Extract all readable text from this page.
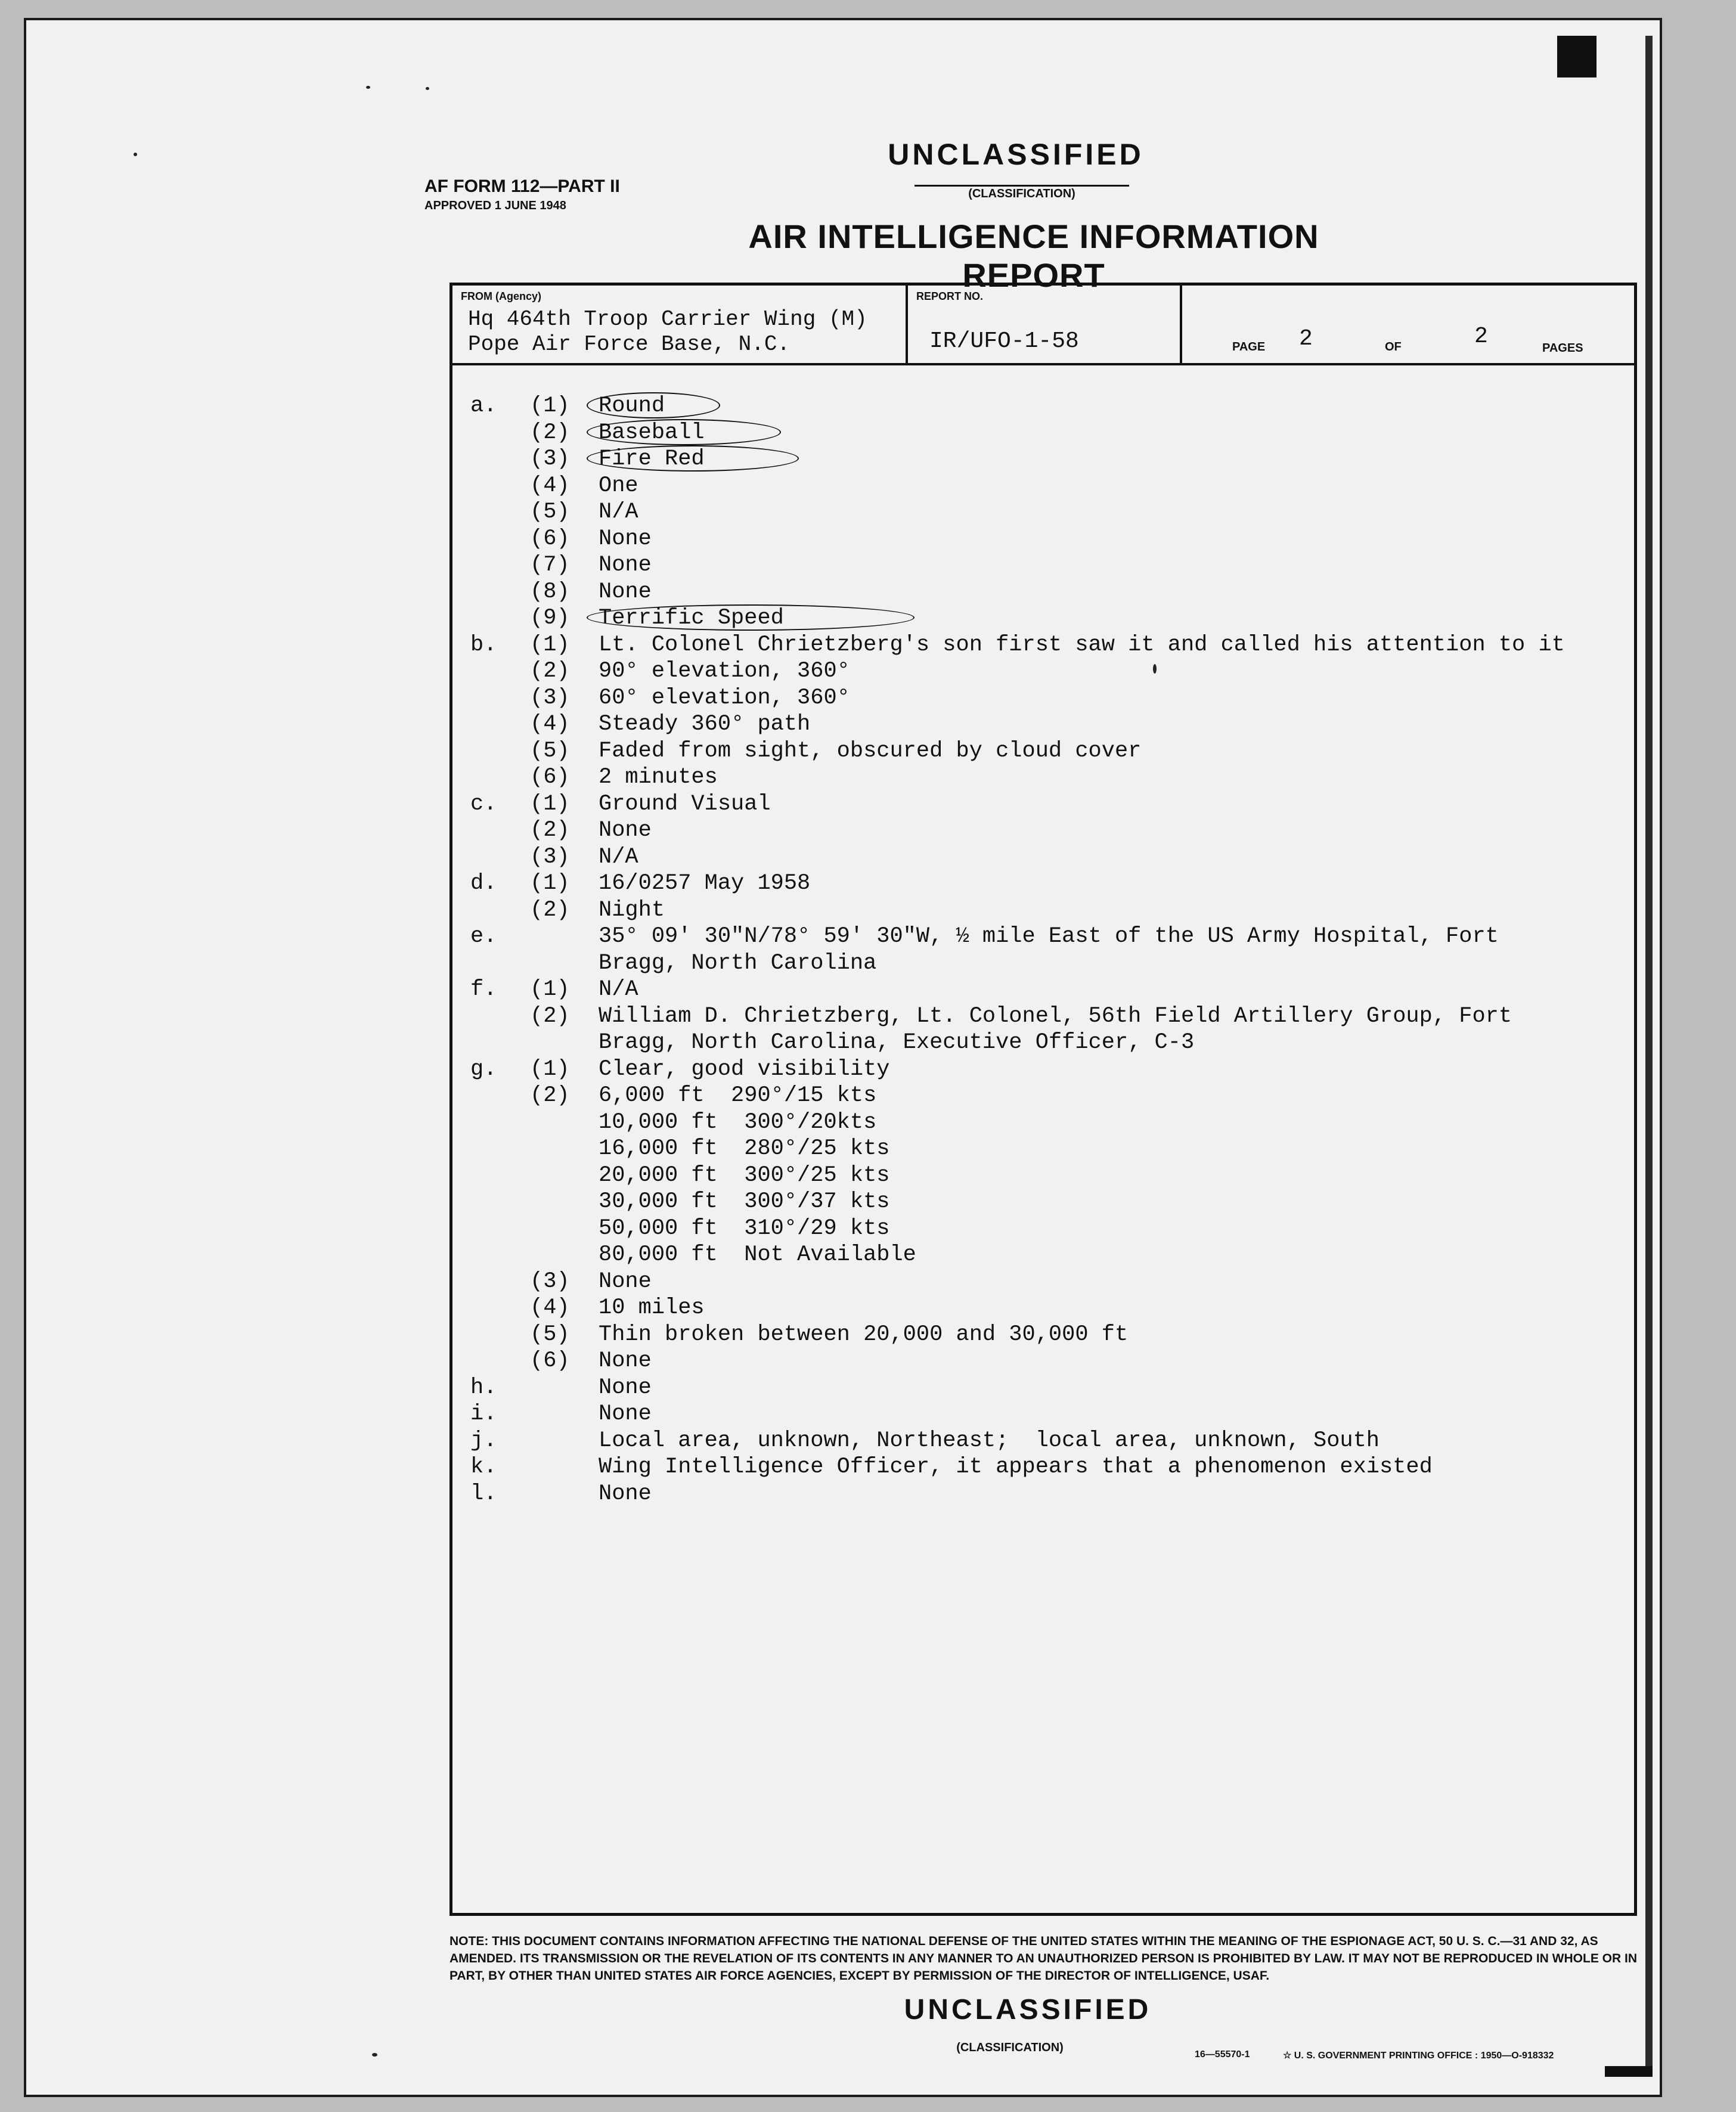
UNCLASSIFIED
(CLASSIFICATION)
AF FORM 112—PART II
APPROVED 1 JUNE 1948
AIR INTELLIGENCE INFORMATION REPORT
FROM (Agency)
Hq 464th Troop Carrier Wing (M)
Pope Air Force Base, N.C.
REPORT NO.
IR/UFO-1-58	PAGE 2	OF	2	PAGES
a. (1) Round
(2) Baseball
(3) Fire Red
(4) One
(5) N/A
(6) None
(7) None
(8) None
(9) Terrific Speed
b. (1) Lt. Colonel Chrietzberg's son first saw it and called his attention to it
(2) 90° elevation, 360°
(3) 60° elevation, 360°
(4) Steady 360° path
(5) Faded from sight, obscured by cloud cover
(6) 2 minutes
c. (1) Ground Visual
(2) None
(3) N/A
d. (1) 16/0257 May 1958
(2) Night
e.	35° 09' 30"N/78° 59' 30"W, ½ mile East of the US Army Hospital, Fort
Bragg, North Carolina
f. (1) N/A
(2) William D. Chrietzberg, Lt. Colonel, 56th Field Artillery Group, Fort
Bragg, North Carolina, Executive Officer, C-3
g. (1) Clear, good visibility
(2) 6,000 ft  290°/15 kts
10,000 ft  300°/20kts
16,000 ft  280°/25 kts
20,000 ft  300°/25 kts
30,000 ft  300°/37 kts
50,000 ft  310°/29 kts
80,000 ft  Not Available
(3) None
(4) 10 miles
(5) Thin broken between 20,000 and 30,000 ft
(6) None
h.	None
i.	None
j.	Local area, unknown, Northeast;  local area, unknown, South
k.	Wing Intelligence Officer, it appears that a phenomenon existed
l.	None
NOTE: THIS DOCUMENT CONTAINS INFORMATION AFFECTING THE NATIONAL DEFENSE OF THE UNITED STATES WITHIN THE MEANING OF THE ESPIONAGE ACT, 50 U. S. C.—31 AND 32, AS AMENDED. ITS TRANSMISSION OR THE REVELATION OF ITS CONTENTS IN ANY MANNER TO AN UNAUTHORIZED PERSON IS PROHIBITED BY LAW. IT MAY NOT BE REPRODUCED IN WHOLE OR IN PART, BY OTHER THAN UNITED STATES AIR FORCE AGENCIES, EXCEPT BY PERMISSION OF THE DIRECTOR OF INTELLIGENCE, USAF.
UNCLASSIFIED
(CLASSIFICATION)
16—55570-1	☆ U. S. GOVERNMENT PRINTING OFFICE : 1950—O-918332
